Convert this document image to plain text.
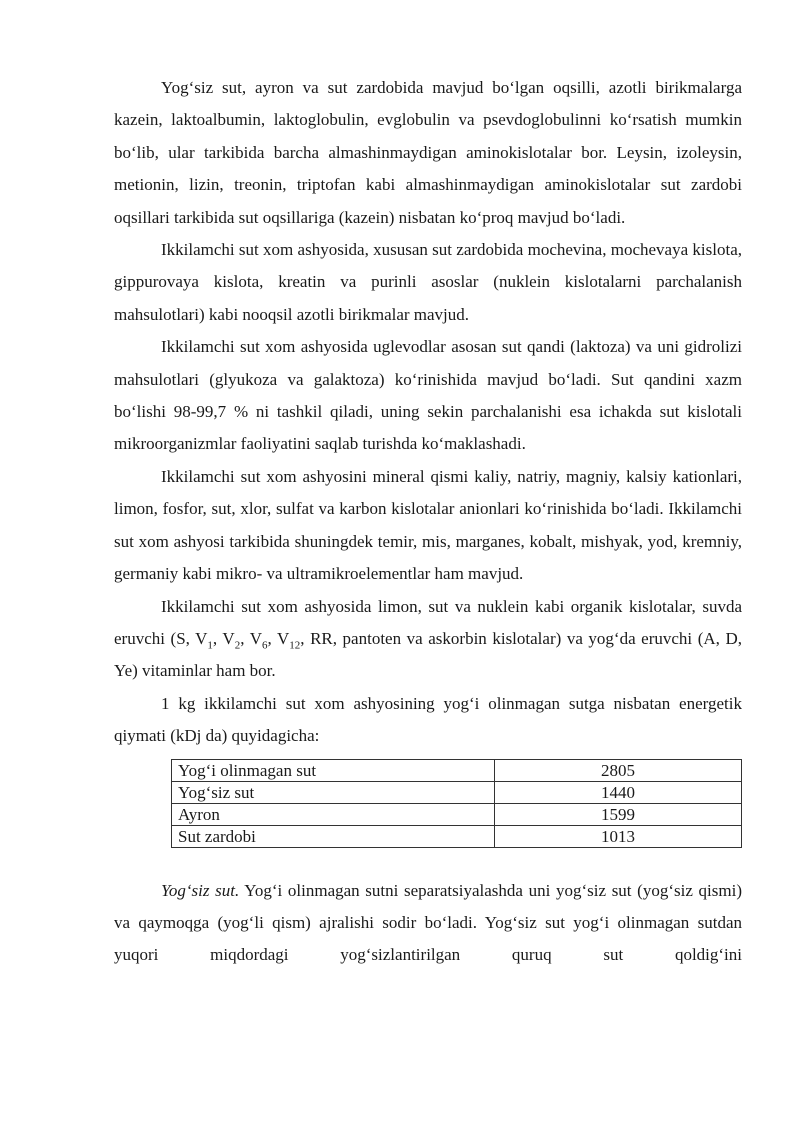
Yog‘siz sut, ayron va sut zardobida mavjud bo‘lgan oqsilli, azotli birikmalarga kazein, laktoalbumin, laktoglobulin, evglobulin va psevdoglobulinni ko‘rsatish mumkin bo‘lib, ular tarkibida barcha almashinmaydigan aminokislotalar bor. Leysin, izoleysin, metionin, lizin, treonin, triptofan kabi almashinmaydigan aminokislotalar sut zardobi oqsillari tarkibida sut oqsillariga (kazein) nisbatan ko‘proq mavjud bo‘ladi.

Ikkilamchi sut xom ashyosida, xususan sut zardobida mochevina, mochevaya kislota, gippurovaya kislota, kreatin va purinli asoslar (nuklein kislotalarni parchalanish mahsulotlari) kabi nooqsil azotli birikmalar mavjud.

Ikkilamchi sut xom ashyosida uglevodlar asosan sut qandi (laktoza) va uni gidrolizi mahsulotlari (glyukoza va galaktoza) ko‘rinishida mavjud bo‘ladi. Sut qandini xazm bo‘lishi 98-99,7 % ni tashkil qiladi, uning sekin parchalanishi esa ichakda sut kislotali mikroorganizmlar faoliyatini saqlab turishda ko‘maklashadi.

Ikkilamchi sut xom ashyosini mineral qismi kaliy, natriy, magniy, kalsiy kationlari, limon, fosfor, sut, xlor, sulfat va karbon kislotalar anionlari ko‘rinishida bo‘ladi. Ikkilamchi sut xom ashyosi tarkibida shuningdek temir, mis, marganes, kobalt, mishyak, yod, kremniy, germaniy kabi mikro- va ultramikroelementlar ham mavjud.

Ikkilamchi sut xom ashyosida limon, sut va nuklein kabi organik kislotalar, suvda eruvchi (S, $V_1$, $V_2$, $V_6$, $V_{12}$, RR, pantoten va askorbin kislotalar) va yog‘da eruvchi (A, D, Ye) vitaminlar ham bor.

1 kg ikkilamchi sut xom ashyosining yog‘i olinmagan sutga nisbatan energetik qiymati (kDj da) quyidagicha:

Yog‘i olinmagan sut	2805
Yog‘siz sut	1440
Ayron	1599
Sut zardobi	1013

Yog‘siz sut. Yog‘i olinmagan sutni separatsiyalashda uni yog‘siz sut (yog‘siz qismi) va qaymoqga (yog‘li qism) ajralishi sodir bo‘ladi. Yog‘siz sut yog‘i olinmagan sutdan yuqori miqdordagi yog‘sizlantirilgan quruq sut qoldig‘ini
